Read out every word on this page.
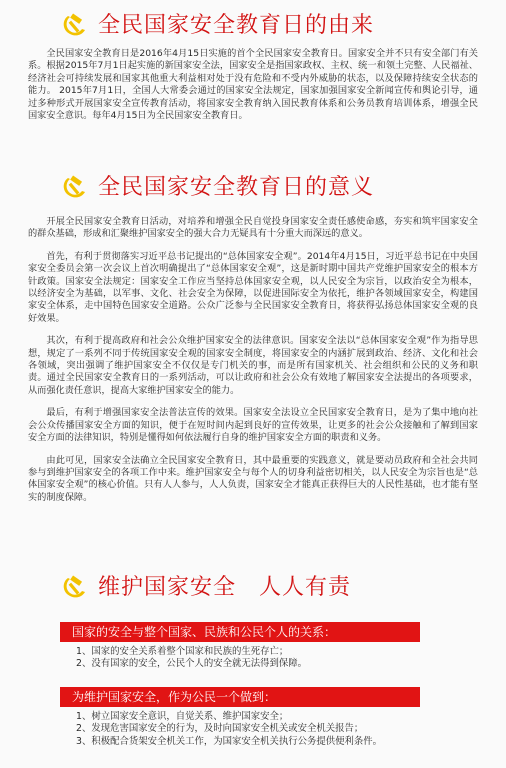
全民国家安全教育日的由来

全民国家安全教育日是2016年4月15日实施的首个全民国家安全教育日。国家安全并不只有安全部门有关系。根据2015年7月1日起实施的新国家安全法，国家安全是指国家政权、主权、统一和领土完整、人民福祉、经济社会可持续发展和国家其他重大利益相对处于没有危险和不受内外威胁的状态，以及保障持续安全状态的能力。 2015年7月1日，全国人大常委会通过的国家安全法规定，国家加强国家安全新闻宣传和舆论引导，通过多种形式开展国家安全宣传教育活动，将国家安全教育纳入国民教育体系和公务员教育培训体系，增强全民国家安全意识。每年4月15日为全民国家安全教育日。

全民国家安全教育日的意义

开展全民国家安全教育日活动，对培养和增强全民自觉投身国家安全责任感使命感，夯实和筑牢国家安全的群众基础，形成和汇聚维护国家安全的强大合力无疑具有十分重大而深远的意义。

首先，有利于贯彻落实习近平总书记提出的“总体国家安全观”。2014年4月15日，习近平总书记在中央国家安全委员会第一次会议上首次明确提出了“总体国家安全观”，这是新时期中国共产党维护国家安全的根本方针政策。国家安全法规定：国家安全工作应当坚持总体国家安全观，以人民安全为宗旨，以政治安全为根本，以经济安全为基础，以军事、文化、社会安全为保障，以促进国际安全为依托，维护各领域国家安全，构建国家安全体系，走中国特色国家安全道路。公众广泛参与全民国家安全教育日，将获得弘扬总体国家安全观的良好效果。

其次，有利于提高政府和社会公众维护国家安全的法律意识。国家安全法以“总体国家安全观”作为指导思想，规定了一系列不同于传统国家安全观的国家安全制度，将国家安全的内涵扩展到政治、经济、文化和社会各领域，突出强调了维护国家安全不仅仅是专门机关的事，而是所有国家机关、社会组织和公民的义务和职责。通过全民国家安全教育日的一系列活动，可以让政府和社会公众有效地了解国家安全法提出的各项要求，从而强化责任意识，提高大家维护国家安全的能力。

最后，有利于增强国家安全法普法宣传的效果。国家安全法设立全民国家安全教育日，是为了集中地向社会公众传播国家安全方面的知识，便于在短时间内起到良好的宣传效果，让更多的社会公众接触和了解到国家安全方面的法律知识，特别是懂得如何依法履行自身的维护国家安全方面的职责和义务。

由此可见，国家安全法确立全民国家安全教育日，其中最重要的实践意义，就是要动员政府和全社会共同参与到维护国家安全的各项工作中来。维护国家安全与每个人的切身利益密切相关，以人民安全为宗旨也是“总体国家安全观”的核心价值。只有人人参与，人人负责，国家安全才能真正获得巨大的人民性基础，也才能有坚实的制度保障。

维护国家安全　人人有责
国家的安全与整个国家、民族和公民个人的关系：
1、国家的安全关系着整个国家和民族的生死存亡；
2、没有国家的安全，公民个人的安全就无法得到保障。
为维护国家安全，作为公民一个做到：
1、树立国家安全意识，自觉关系、维护国家安全；
2、发现危害国家安全的行为，及时向国家安全机关或安全机关报告；
3、积极配合货架安全机关工作，为国家安全机关执行公务提供便利条件。
